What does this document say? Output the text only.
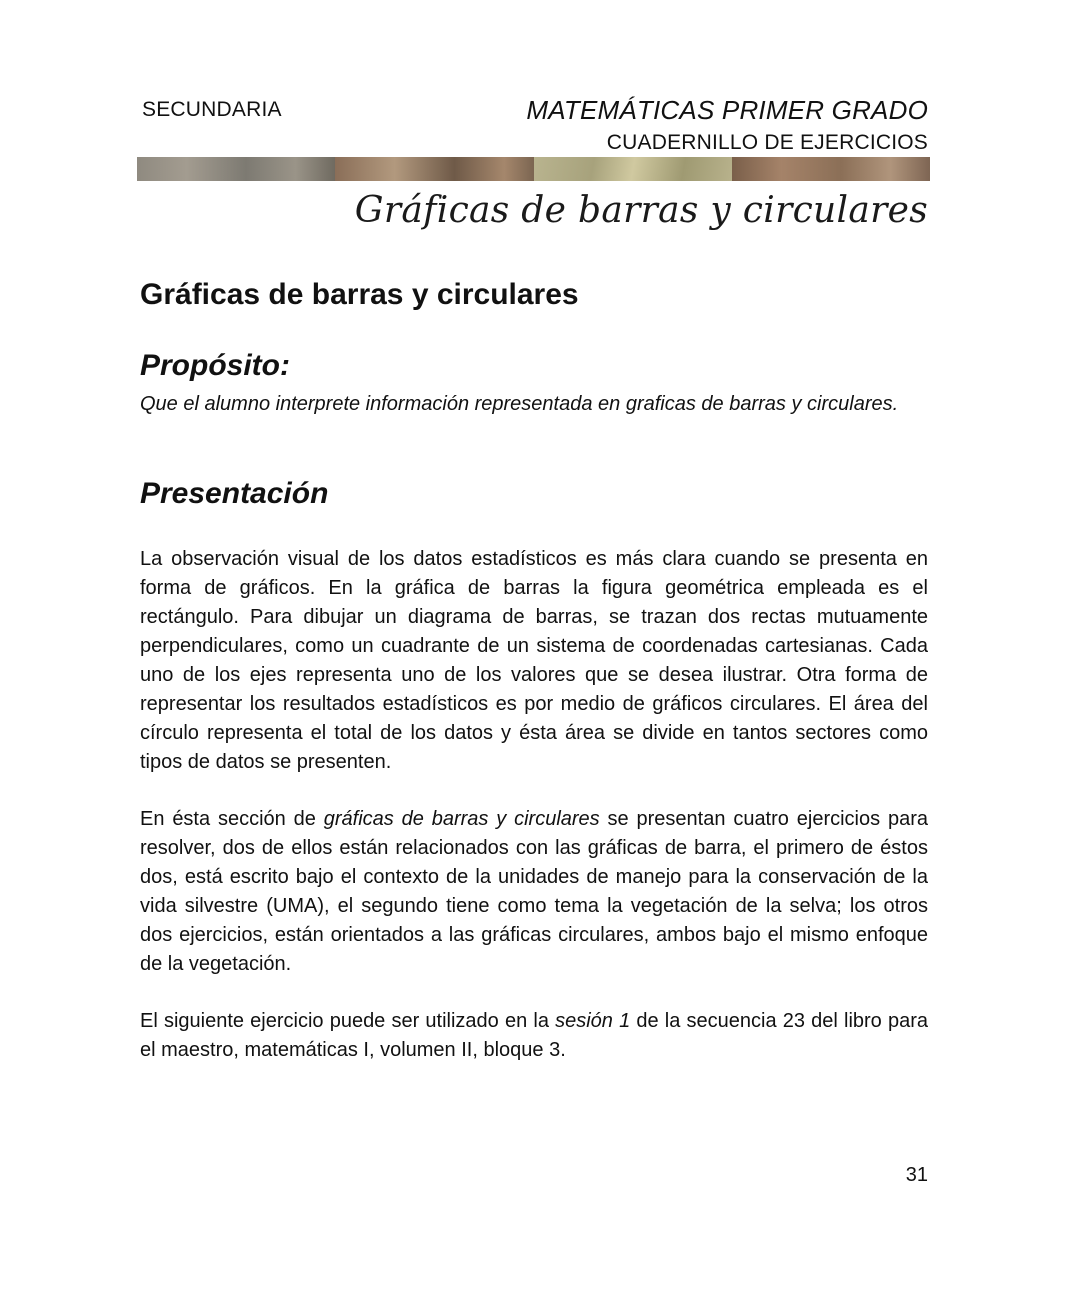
SECUNDARIA	MATEMÁTICAS PRIMER GRADO
CUADERNILLO DE EJERCICIOS
Gráficas de barras y circulares
Gráficas de barras y circulares
Propósito:
Que el alumno interprete información representada en graficas de barras y circulares.
Presentación
La observación visual de los datos estadísticos es más clara cuando se presenta en forma de gráficos. En la gráfica de barras la figura geométrica empleada es el rectángulo. Para dibujar un diagrama de barras, se trazan dos rectas mutuamente perpendiculares, como un cuadrante de un sistema de coordenadas cartesianas. Cada uno de los ejes representa uno de los valores que se desea ilustrar. Otra forma de representar los resultados estadísticos es por medio de gráficos circulares. El área del círculo representa el total de los datos y ésta área se divide en tantos sectores como tipos de datos se presenten.
En ésta sección de gráficas de barras y circulares se presentan cuatro ejercicios para resolver, dos de ellos están relacionados con las gráficas de barra, el primero de éstos dos, está escrito bajo el contexto de la unidades de manejo para la conservación de la vida silvestre (UMA), el segundo tiene como tema la vegetación de la selva; los otros dos ejercicios, están orientados a las gráficas circulares, ambos bajo el mismo enfoque de la vegetación.
El siguiente ejercicio puede ser utilizado en la sesión 1 de la secuencia 23 del libro para el maestro, matemáticas I, volumen II, bloque 3.
31
